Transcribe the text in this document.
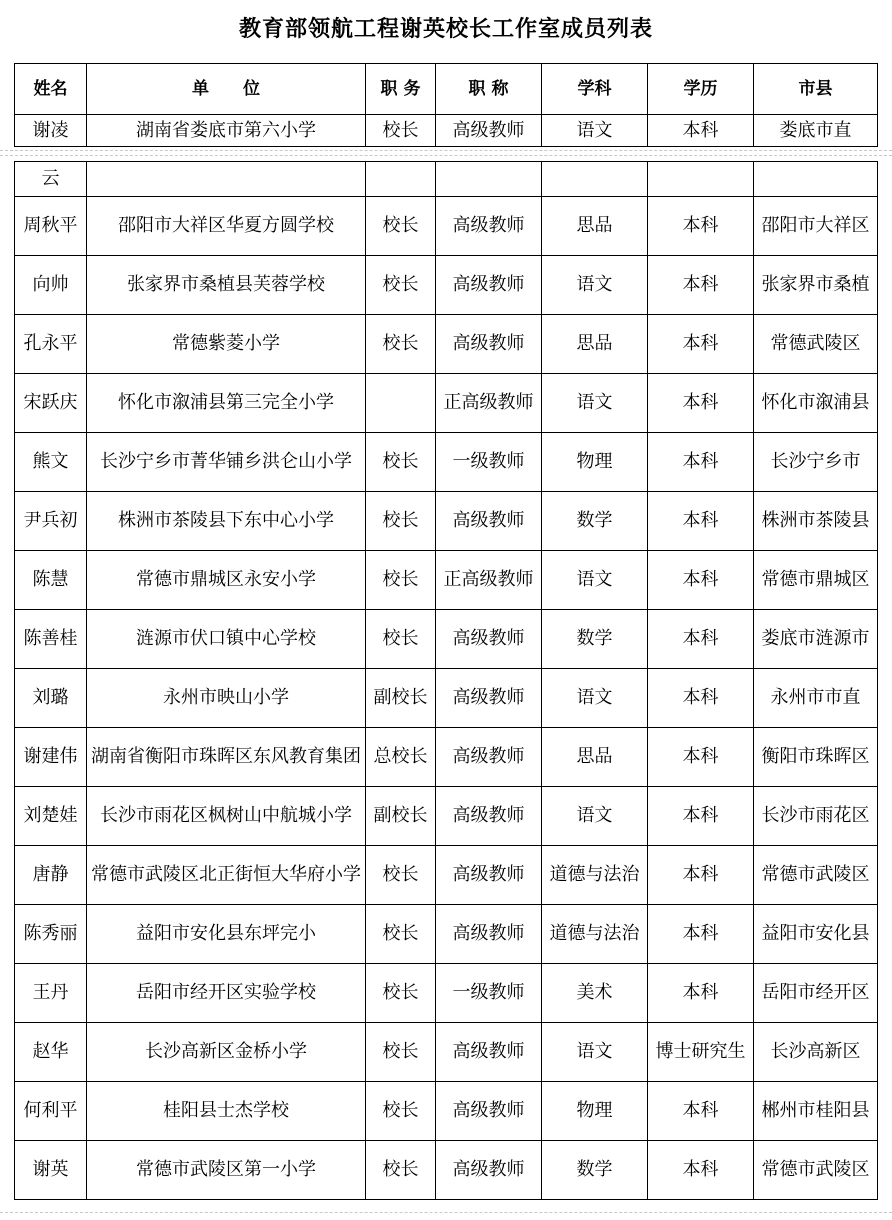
教育部领航工程谢英校长工作室成员列表
姓名	单　　位	职 务	职 称	学科	学历	市县
谢凌	湖南省娄底市第六小学	校长	高级教师	语文	本科	娄底市直
云						
周秋平	邵阳市大祥区华夏方圆学校	校长	高级教师	思品	本科	邵阳市大祥区
向帅	张家界市桑植县芙蓉学校	校长	高级教师	语文	本科	张家界市桑植
孔永平	常德紫菱小学	校长	高级教师	思品	本科	常德武陵区
宋跃庆	怀化市溆浦县第三完全小学		正高级教师	语文	本科	怀化市溆浦县
熊文	长沙宁乡市菁华铺乡洪仑山小学	校长	一级教师	物理	本科	长沙宁乡市
尹兵初	株洲市茶陵县下东中心小学	校长	高级教师	数学	本科	株洲市茶陵县
陈慧	常德市鼎城区永安小学	校长	正高级教师	语文	本科	常德市鼎城区
陈善桂	涟源市伏口镇中心学校	校长	高级教师	数学	本科	娄底市涟源市
刘璐	永州市映山小学	副校长	高级教师	语文	本科	永州市市直
谢建伟	湖南省衡阳市珠晖区东风教育集团	总校长	高级教师	思品	本科	衡阳市珠晖区
刘楚娃	长沙市雨花区枫树山中航城小学	副校长	高级教师	语文	本科	长沙市雨花区
唐静	常德市武陵区北正街恒大华府小学	校长	高级教师	道德与法治	本科	常德市武陵区
陈秀丽	益阳市安化县东坪完小	校长	高级教师	道德与法治	本科	益阳市安化县
王丹	岳阳市经开区实验学校	校长	一级教师	美术	本科	岳阳市经开区
赵华	长沙高新区金桥小学	校长	高级教师	语文	博士研究生	长沙高新区
何利平	桂阳县士杰学校	校长	高级教师	物理	本科	郴州市桂阳县
谢英	常德市武陵区第一小学	校长	高级教师	数学	本科	常德市武陵区
